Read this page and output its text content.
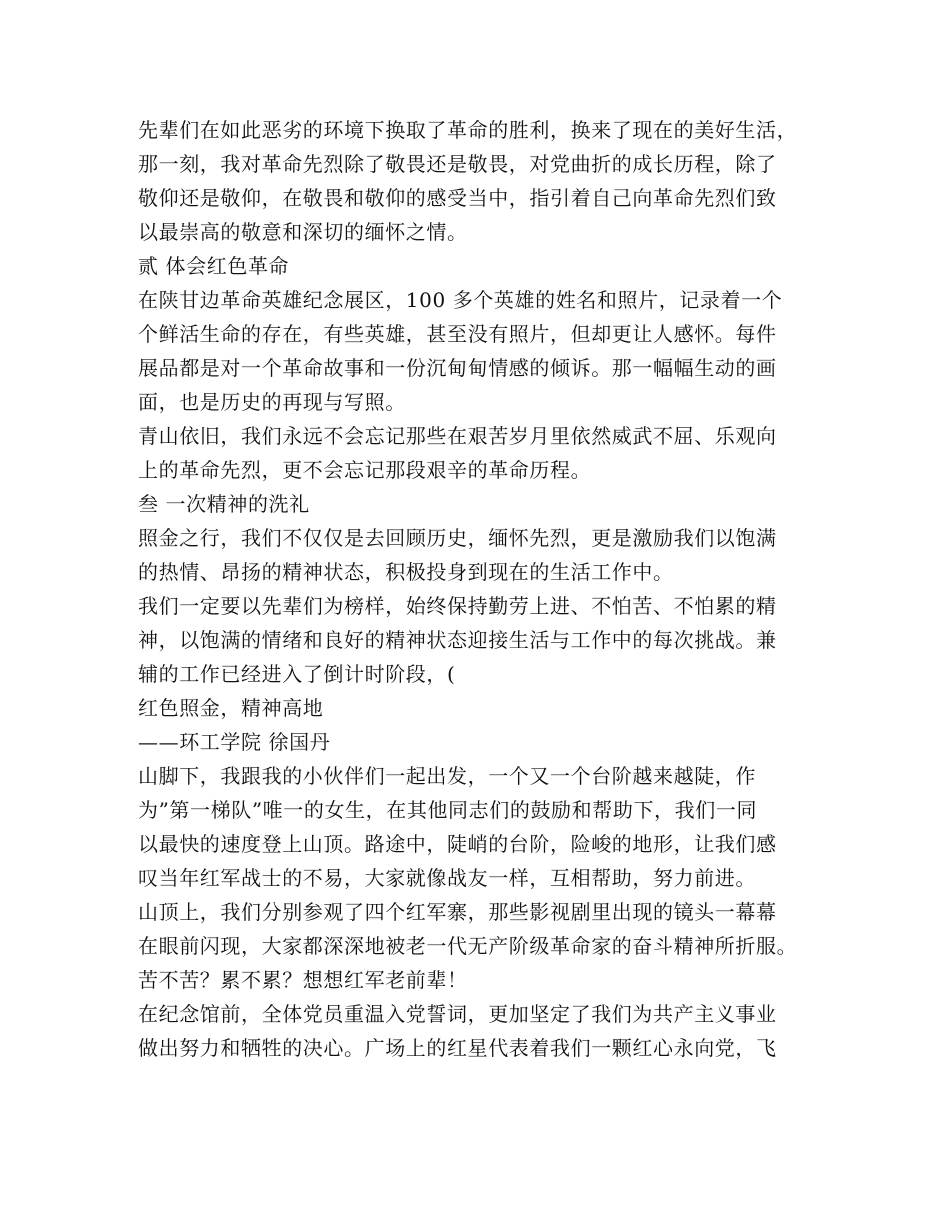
先辈们在如此恶劣的环境下换取了革命的胜利，换来了现在的美好生活，
那一刻，我对革命先烈除了敬畏还是敬畏，对党曲折的成长历程，除了
敬仰还是敬仰，在敬畏和敬仰的感受当中，指引着自己向革命先烈们致
以最崇高的敬意和深切的缅怀之情。
贰 体会红色革命
在陕甘边革命英雄纪念展区，100 多个英雄的姓名和照片，记录着一个
个鲜活生命的存在，有些英雄，甚至没有照片，但却更让人感怀。每件
展品都是对一个革命故事和一份沉甸甸情感的倾诉。那一幅幅生动的画
面，也是历史的再现与写照。
青山依旧，我们永远不会忘记那些在艰苦岁月里依然威武不屈、乐观向
上的革命先烈，更不会忘记那段艰辛的革命历程。
叁 一次精神的洗礼
照金之行，我们不仅仅是去回顾历史，缅怀先烈，更是激励我们以饱满
的热情、昂扬的精神状态，积极投身到现在的生活工作中。
我们一定要以先辈们为榜样，始终保持勤劳上进、不怕苦、不怕累的精
神，以饱满的情绪和良好的精神状态迎接生活与工作中的每次挑战。兼
辅的工作已经进入了倒计时阶段，(
红色照金，精神高地
——环工学院 徐国丹
山脚下，我跟我的小伙伴们一起出发，一个又一个台阶越来越陡，作
为”第一梯队”唯一的女生，在其他同志们的鼓励和帮助下，我们一同
以最快的速度登上山顶。路途中，陡峭的台阶，险峻的地形，让我们感
叹当年红军战士的不易，大家就像战友一样，互相帮助，努力前进。
山顶上，我们分别参观了四个红军寨，那些影视剧里出现的镜头一幕幕
在眼前闪现，大家都深深地被老一代无产阶级革命家的奋斗精神所折服。
苦不苦？累不累？想想红军老前辈！
在纪念馆前，全体党员重温入党誓词，更加坚定了我们为共产主义事业
做出努力和牺牲的决心。广场上的红星代表着我们一颗红心永向党，飞
